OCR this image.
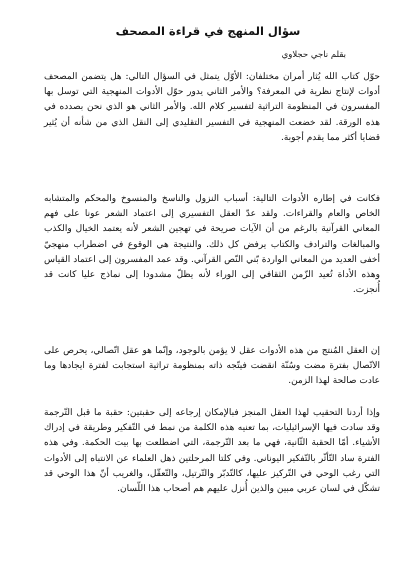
سؤال المنهج في قراءة المصحف
بقلم ناجي حجلاوي

حوّل كتاب الله يُثار أمران مختلفان: الأوّل يتمثل في السؤال التالي: هل يتضمن المصحف أدوات لإنتاج نظرية في المعرفة؟ والأمر الثاني يدور حوّل الأدوات المنهجية التي توسل بها المفسرون في المنظومة التراثية لتفسير كلام الله. والأمر الثاني هو الذي نحن بصدده في هذه الورقة. لقد خضعت المنهجية في التفسير التقليدي إلى النقل الذي من شأنه أن يُثير قضايا أكثر مما يقدم أجوبة.

فكانت في إطاره الأدوات التالية: أسباب النزول والناسخ والمنسوخ والمحكم والمتشابه الخاص والعام والقراءات. ولقد عدّ العقل التفسيري إلى اعتماد الشعر عونا على فهم المعاني القرآنية بالرغم من أن الآيات صريحة في تهجين الشعر لأنه يعتمد الخيال والكذب والمبالغات والترادف والكتاب يرفض كل ذلك. والنتيجة هي الوقوع في اضطراب منهجيّ أخفى العديد من المعاني الواردة بّني النّص القرآني. وقد عمد المفسرون إلى اعتماد القياس وهذه الأداة تُعيد الزّمن الثقافي إلى الوراء لأنه يظلّ مشدودا إلى نماذج عليا كانت قد أُنجزت.

إن العقل المُنتج من هذه الأدوات عقل لا يؤمن بالوجود، وإنّما هو عقل اتّصالي، يحرص على الاتّصال بفترة مضت وسُنّة انقضت فيتّجه ذاته بمنظومة تراثية استجابت لفترة ايجادها وما عادت صالحة لهذا الزمن.

وإذا أردنا التحقيب لهذا العقل المنجز فبالإمكان إرجاعه إلى حقبتين: حقبة ما قبل التّرجمة وقد سادت فيها الإسرائيليات، بما تعنيه هذه الكلمة من نمط في التّفكير وطريقة في إدراك الأشياء. أمّا الحقبة الثّانية، فهي ما بعد التّرجمة، التي اضطلعت بها بيت الحكمة. وفي هذه الفترة ساد التّأثّر بالتّفكير اليوناني. وفي كلتا المرحلتين ذهل العلماء عن الانتباه إلى الأدوات التي رغب الوحي في التّركيز عليها، كالتّدبّر والتّرتيل، والتّعقّل، والغريب أنّ هذا الوحي قد تشكّل في لسان عربي مبين والذين أُنزل عليهم هم أصحاب هذا اللّسان.
